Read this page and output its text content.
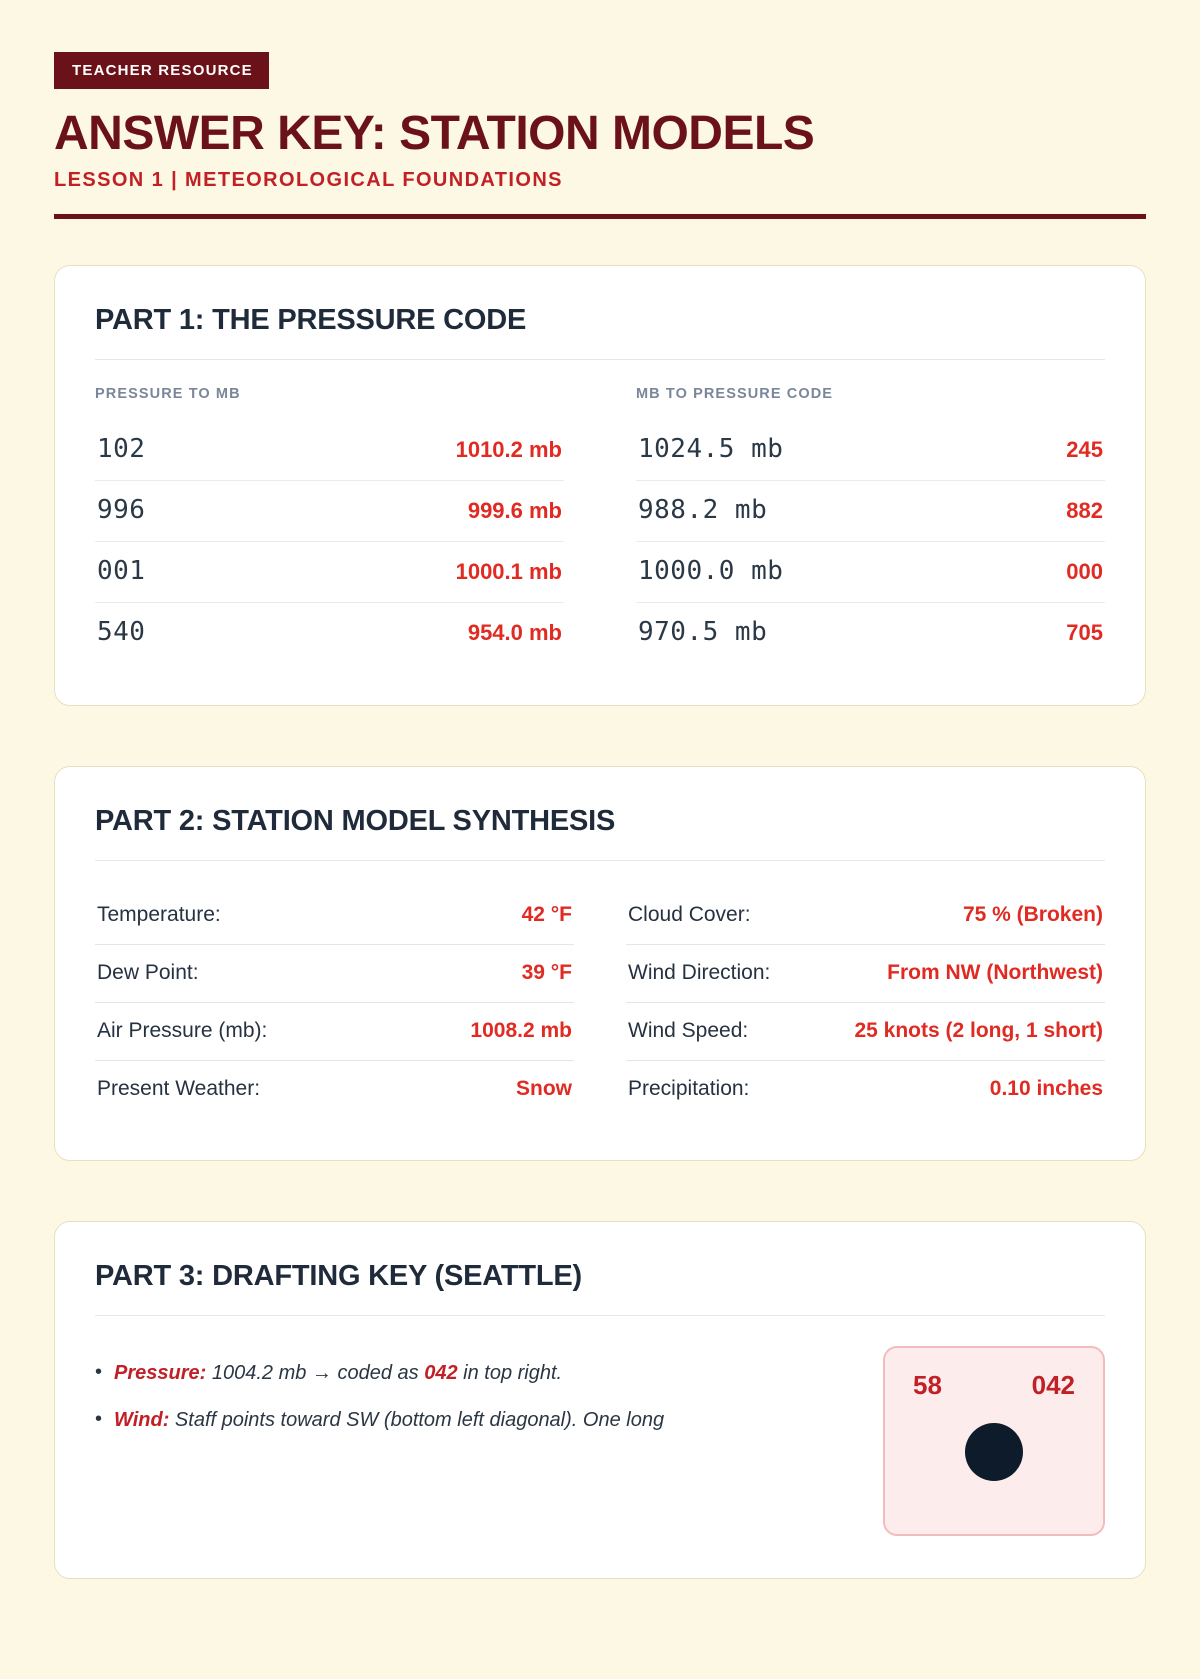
TEACHER RESOURCE
ANSWER KEY: STATION MODELS
LESSON 1 | METEOROLOGICAL FOUNDATIONS
PART 1: THE PRESSURE CODE
PRESSURE TO MB
102	1010.2 mb
996	999.6 mb
001	1000.1 mb
540	954.0 mb
MB TO PRESSURE CODE
1024.5 mb	245
988.2 mb	882
1000.0 mb	000
970.5 mb	705
PART 2: STATION MODEL SYNTHESIS
Temperature:	42 °F
Dew Point:	39 °F
Air Pressure (mb):	1008.2 mb
Present Weather:	Snow
Cloud Cover:	75 % (Broken)
Wind Direction:	From NW (Northwest)
Wind Speed:	25 knots (2 long, 1 short)
Precipitation:	0.10 inches
PART 3: DRAFTING KEY (SEATTLE)
• Pressure: 1004.2 mb → coded as 042 in top right.
• Wind: Staff points toward SW (bottom left diagonal). One long
58	042
